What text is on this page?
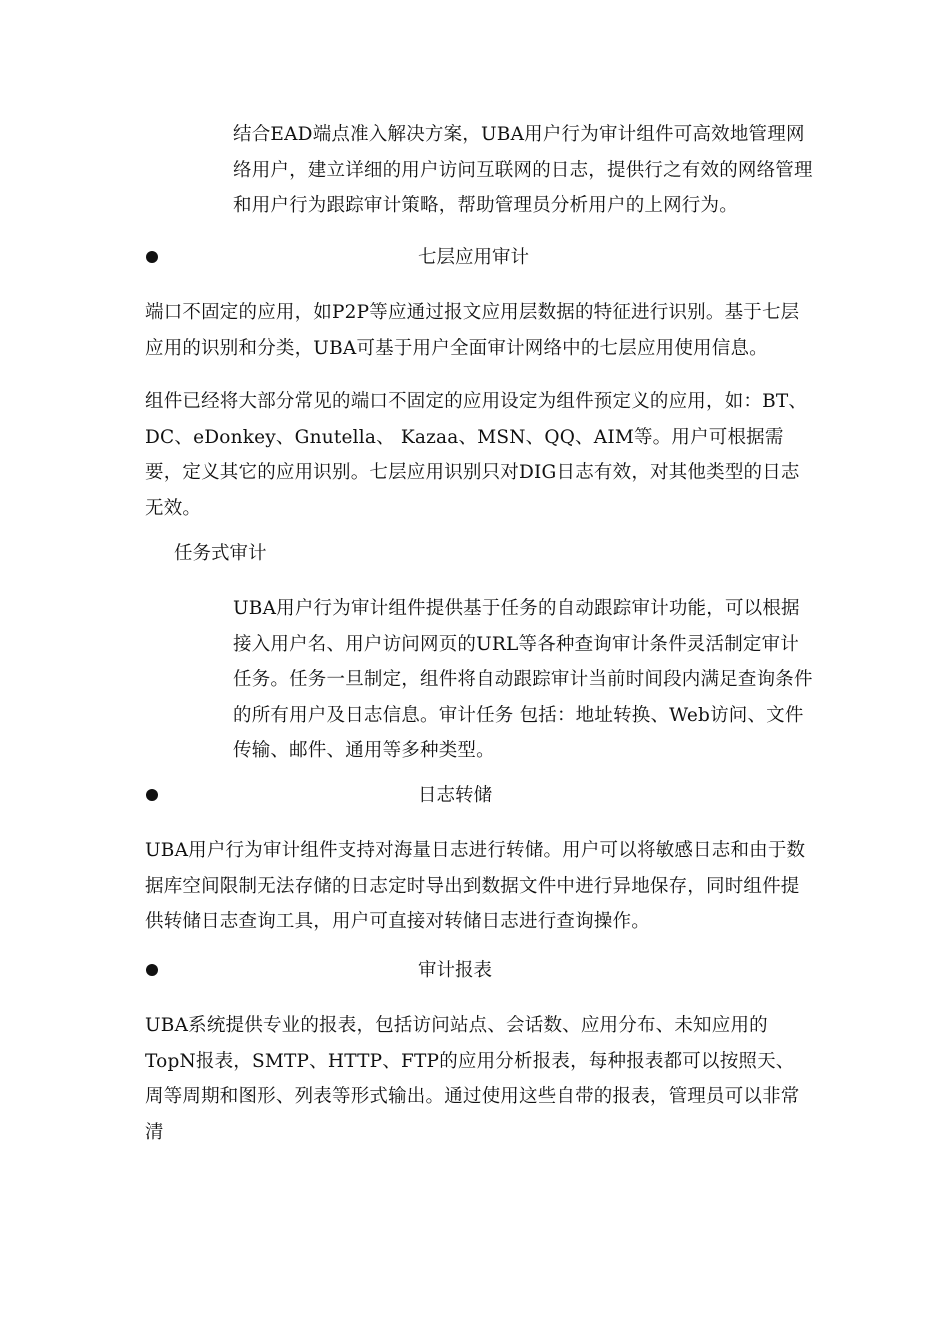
结合EAD端点准入解决方案，UBA用户行为审计组件可高效地管理网络用户，建立详细的用户访问互联网的日志，提供行之有效的网络管理和用户行为跟踪审计策略，帮助管理员分析用户的上网行为。

七层应用审计

端口不固定的应用，如P2P等应通过报文应用层数据的特征进行识别。基于七层应用的识别和分类，UBA可基于用户全面审计网络中的七层应用使用信息。

组件已经将大部分常见的端口不固定的应用设定为组件预定义的应用，如：BT、DC、eDonkey、Gnutella、 Kazaa、MSN、QQ、AIM等。用户可根据需要，定义其它的应用识别。七层应用识别只对DIG日志有效，对其他类型的日志无效。

任务式审计

UBA用户行为审计组件提供基于任务的自动跟踪审计功能，可以根据接入用户名、用户访问网页的URL等各种查询审计条件灵活制定审计任务。任务一旦制定，组件将自动跟踪审计当前时间段内满足查询条件的所有用户及日志信息。审计任务 包括：地址转换、Web访问、文件传输、邮件、通用等多种类型。

日志转储

UBA用户行为审计组件支持对海量日志进行转储。用户可以将敏感日志和由于数据库空间限制无法存储的日志定时导出到数据文件中进行异地保存，同时组件提供转储日志查询工具，用户可直接对转储日志进行查询操作。

审计报表

UBA系统提供专业的报表，包括访问站点、会话数、应用分布、未知应用的TopN报表，SMTP、HTTP、FTP的应用分析报表，每种报表都可以按照天、周等周期和图形、列表等形式输出。通过使用这些自带的报表，管理员可以非常清
